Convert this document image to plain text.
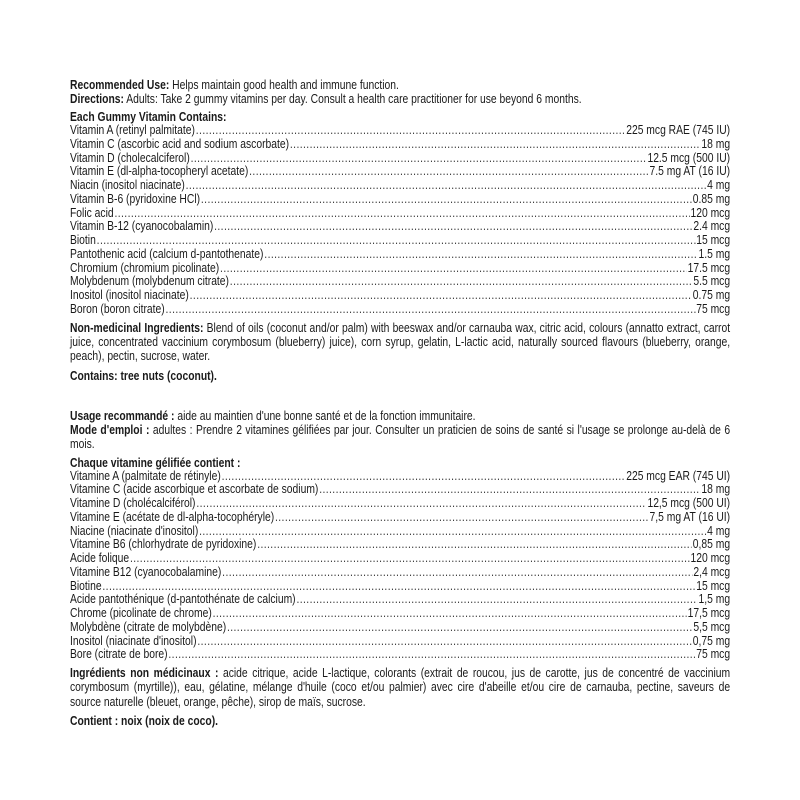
Recommended Use: Helps maintain good health and immune function.
Directions: Adults: Take 2 gummy vitamins per day. Consult a health care practitioner for use beyond 6 months.
Each Gummy Vitamin Contains:
Vitamin A (retinyl palmitate) .....	225 mcg RAE (745 IU)
Vitamin C (ascorbic acid and sodium ascorbate) .....	18 mg
Vitamin D (cholecalciferol) .....	12.5 mcg (500 IU)
Vitamin E (dl-alpha-tocopheryl acetate) .....	7.5 mg AT (16 IU)
Niacin (inositol niacinate) .....	4 mg
Vitamin B-6 (pyridoxine HCl) .....	0.85 mg
Folic acid .....	120 mcg
Vitamin B-12 (cyanocobalamin) .....	2.4 mcg
Biotin .....	15 mcg
Pantothenic acid (calcium d-pantothenate) .....	1.5 mg
Chromium (chromium picolinate) .....	17.5 mcg
Molybdenum (molybdenum citrate) .....	5.5 mcg
Inositol (inositol niacinate) .....	0.75 mg
Boron (boron citrate) .....	75 mcg
Non-medicinal Ingredients: Blend of oils (coconut and/or palm) with beeswax and/or carnauba wax, citric acid, colours (annatto extract, carrot juice, concentrated vaccinium corymbosum (blueberry) juice), corn syrup, gelatin, L-lactic acid, naturally sourced flavours (blueberry, orange, peach), pectin, sucrose, water.
Contains: tree nuts (coconut).
Usage recommandé : aide au maintien d'une bonne santé et de la fonction immunitaire.
Mode d'emploi : adultes : Prendre 2 vitamines gélifiées par jour. Consulter un praticien de soins de santé si l'usage se prolonge au-delà de 6 mois.
Chaque vitamine gélifiée contient :
Vitamine A (palmitate de rétinyle) .....	225 mcg EAR (745 UI)
Vitamine C (acide ascorbique et ascorbate de sodium) .....	18 mg
Vitamine D (cholécalciférol) .....	12,5 mcg (500 UI)
Vitamine E (acétate de dl-alpha-tocophéryle) .....	7,5 mg AT (16 UI)
Niacine (niacinate d'inositol) .....	4 mg
Vitamine B6 (chlorhydrate de pyridoxine) .....	0,85 mg
Acide folique .....	120 mcg
Vitamine B12 (cyanocobalamine) .....	2,4 mcg
Biotine .....	15 mcg
Acide pantothénique (d-pantothénate de calcium) .....	1,5 mg
Chrome (picolinate de chrome) .....	17,5 mcg
Molybdène (citrate de molybdène) .....	5,5 mcg
Inositol (niacinate d'inositol) .....	0,75 mg
Bore (citrate de bore) .....	75 mcg
Ingrédients non médicinaux : acide citrique, acide L-lactique, colorants (extrait de roucou, jus de carotte, jus de concentré de vaccinium corymbosum (myrtille)), eau, gélatine, mélange d'huile (coco et/ou palmier) avec cire d'abeille et/ou cire de carnauba, pectine, saveurs de source naturelle (bleuet, orange, pêche), sirop de maïs, sucrose.
Contient : noix (noix de coco).
